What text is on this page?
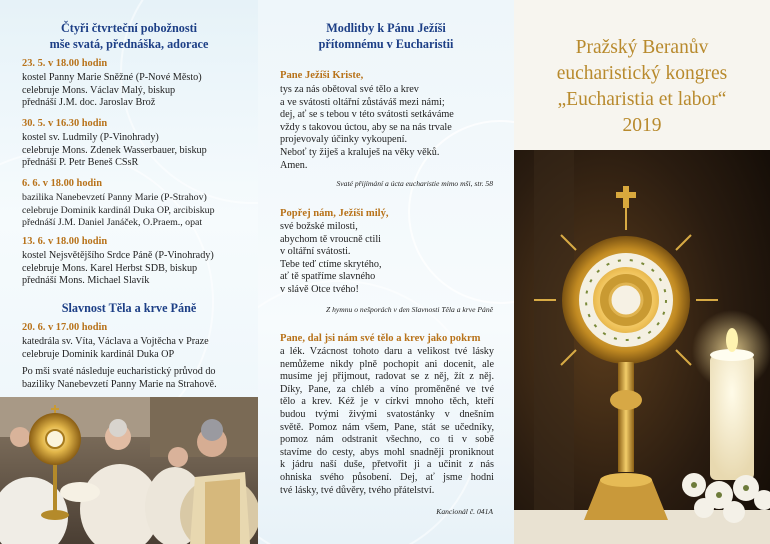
Čtyři čtvrteční pobožnosti
mše svatá, přednáška, adorace
23. 5. v 18.00 hodin
kostel Panny Marie Sněžné (P-Nové Město)
celebruje Mons. Václav Malý, biskup
přednáší J.M. doc. Jaroslav Brož
30. 5. v 16.30 hodin
kostel sv. Ludmily (P-Vinohrady)
celebruje Mons. Zdenek Wasserbauer, biskup
přednáší P. Petr Beneš CSsR
6. 6. v 18.00 hodin
bazilika Nanebevzetí Panny Marie (P-Strahov)
celebruje Dominik kardinál Duka OP, arcibiskup
přednáší J.M. Daniel Janáček, O.Praem., opat
13. 6. v 18.00 hodin
kostel Nejsvětějšího Srdce Páně (P-Vinohrady)
celebruje Mons. Karel Herbst SDB, biskup
přednáší Mons. Michael Slavík
Slavnost Těla a krve Páně
20. 6. v 17.00 hodin
katedrála sv. Víta, Václava a Vojtěcha v Praze
celebruje Dominik kardinál Duka OP
Po mši svaté následuje eucharistický průvod do
baziliky Nanebevzetí Panny Marie na Strahově.
Modlitby k Pánu Ježíši
přítomnému v Eucharistii
Pane Ježíši Kriste,
tys za nás obětoval své tělo a krev
a ve svátosti oltářní zůstáváš mezi námi;
dej, ať se s tebou v této svátosti setkáváme
vždy s takovou úctou, aby se na nás trvale
projevovaly účinky vykoupení.
Neboť ty žiješ a kraluješ na věky věků.
Amen.
Svaté přijímání a úcta eucharistie mimo mši, str. 58
Popřej nám, Ježíši milý,
své božské milosti,
abychom tě vroucně ctili
v oltářní svátosti.
Tebe teď ctíme skrytého,
ať tě spatříme slavného
v slávě Otce tvého!
Z hymnu o nešporách v den Slavnosti Těla a krve Páně
Pane, dal jsi nám své tělo a krev jako pokrm
a lék. Vzácnost tohoto daru a velikost tvé lásky
nemůžeme nikdy plně pochopit ani docenit, ale
musíme jej přijmout, radovat se z něj, žít z něj.
Díky, Pane, za chléb a víno proměněné ve tvé
tělo a krev. Kéž je v církvi mnoho těch, kteří
budou tvými živými svatostánky v dnešním
světě. Pomoz nám všem, Pane, stát se učedníky,
pomoz nám odstranit všechno, co ti v sobě
stavíme do cesty, abys mohl snadněji proniknout
k jádru naší duše, přetvořit ji a učinit z nás
ohniska svého působení. Dej, ať jsme hodni
tvé lásky, tvé důvěry, tvého přátelství.
Kancionál č. 041A
Pražský Beranův
eucharistický kongres
„Eucharistia et labor“
2019
